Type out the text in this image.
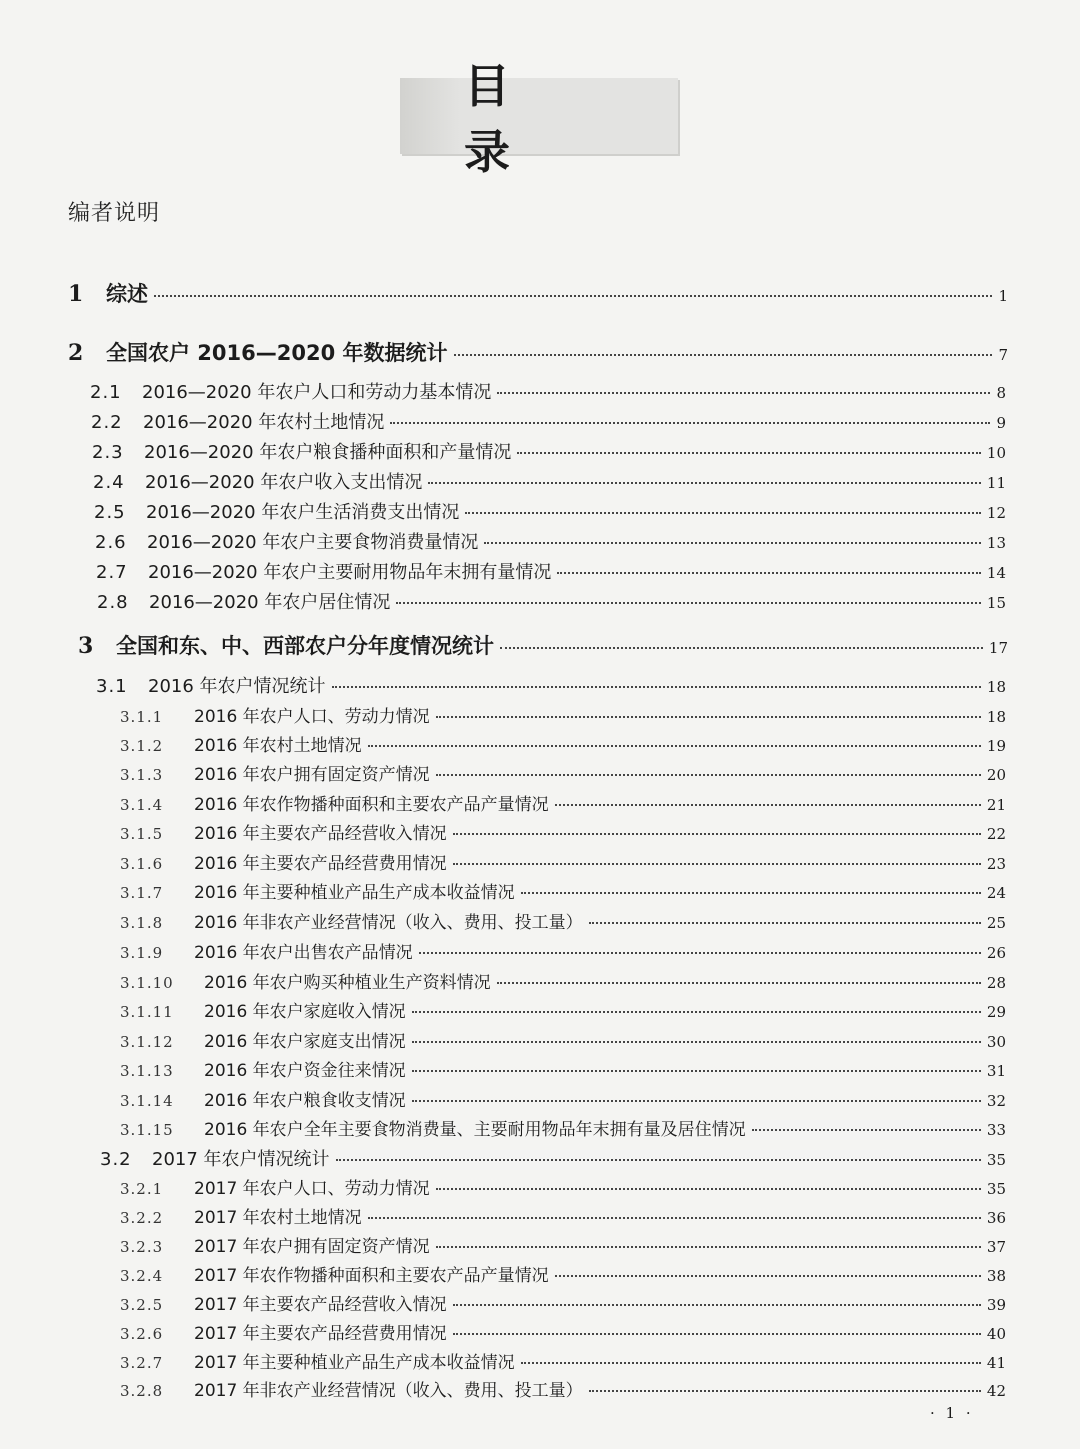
目 录
编者说明
1	综述	1
2	全国农户 2016—2020 年数据统计	7
2.1	2016—2020 年农户人口和劳动力基本情况	8
2.2	2016—2020 年农村土地情况	9
2.3	2016—2020 年农户粮食播种面积和产量情况	10
2.4	2016—2020 年农户收入支出情况	11
2.5	2016—2020 年农户生活消费支出情况	12
2.6	2016—2020 年农户主要食物消费量情况	13
2.7	2016—2020 年农户主要耐用物品年末拥有量情况	14
2.8	2016—2020 年农户居住情况	15
3	全国和东、中、西部农户分年度情况统计	17
3.1	2016 年农户情况统计	18
3.1.1	2016 年农户人口、劳动力情况	18
3.1.2	2016 年农村土地情况	19
3.1.3	2016 年农户拥有固定资产情况	20
3.1.4	2016 年农作物播种面积和主要农产品产量情况	21
3.1.5	2016 年主要农产品经营收入情况	22
3.1.6	2016 年主要农产品经营费用情况	23
3.1.7	2016 年主要种植业产品生产成本收益情况	24
3.1.8	2016 年非农产业经营情况（收入、费用、投工量）	25
3.1.9	2016 年农户出售农产品情况	26
3.1.10	2016 年农户购买种植业生产资料情况	28
3.1.11	2016 年农户家庭收入情况	29
3.1.12	2016 年农户家庭支出情况	30
3.1.13	2016 年农户资金往来情况	31
3.1.14	2016 年农户粮食收支情况	32
3.1.15	2016 年农户全年主要食物消费量、主要耐用物品年末拥有量及居住情况	33
3.2	2017 年农户情况统计	35
3.2.1	2017 年农户人口、劳动力情况	35
3.2.2	2017 年农村土地情况	36
3.2.3	2017 年农户拥有固定资产情况	37
3.2.4	2017 年农作物播种面积和主要农产品产量情况	38
3.2.5	2017 年主要农产品经营收入情况	39
3.2.6	2017 年主要农产品经营费用情况	40
3.2.7	2017 年主要种植业产品生产成本收益情况	41
3.2.8	2017 年非农产业经营情况（收入、费用、投工量）	42
· 1 ·
